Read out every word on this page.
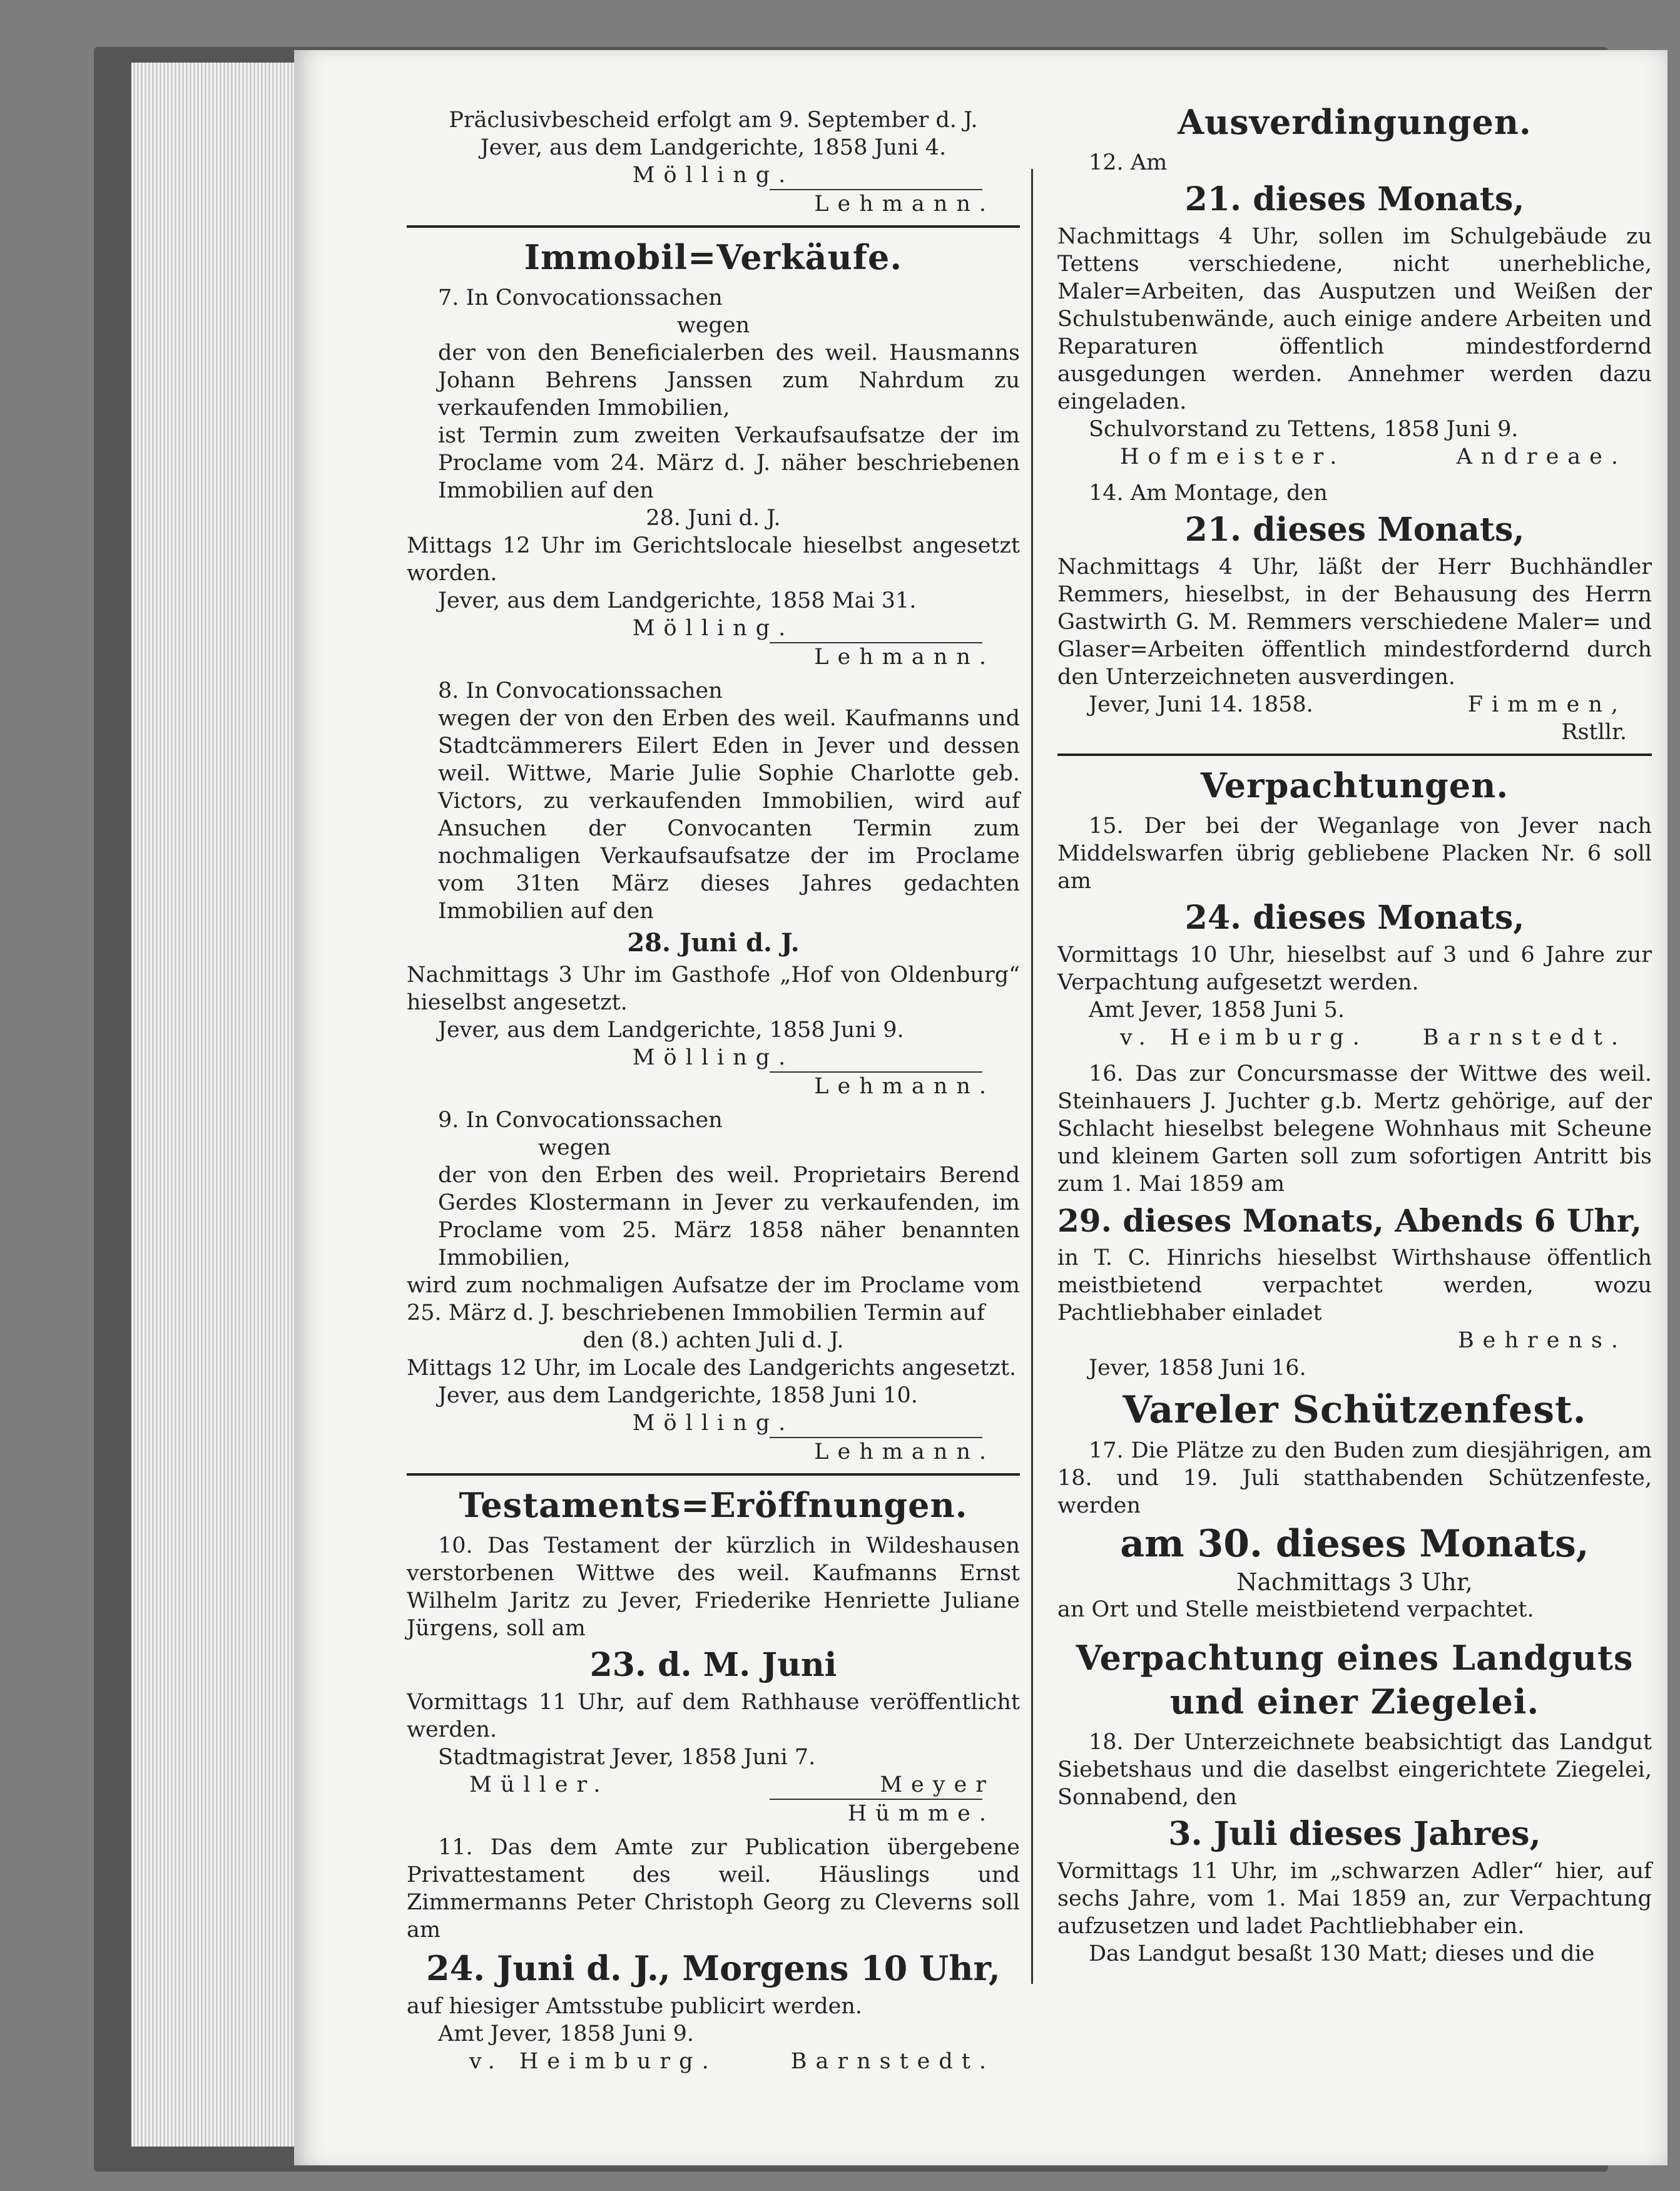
Präclusivbescheid erfolgt am 9. September d. J.
Jever, aus dem Landgerichte, 1858 Juni 4.
Mölling.
Lehmann.
Immobil=Verkäufe.
7. In Convocationssachen
wegen
der von den Beneficialerben des weil. Hausmanns Johann Behrens Janssen zum Nahrdum zu verkaufenden Immobilien,
ist Termin zum zweiten Verkaufsaufsatze der im Proclame vom 24. März d. J. näher beschriebenen Immobilien auf den
28. Juni d. J.
Mittags 12 Uhr im Gerichtslocale hieselbst angesetzt worden.
Jever, aus dem Landgerichte, 1858 Mai 31.
Mölling.
Lehmann.
8. In Convocationssachen
wegen der von den Erben des weil. Kaufmanns und Stadtcämmerers Eilert Eden in Jever und dessen weil. Wittwe, Marie Julie Sophie Charlotte geb. Victors, zu verkaufenden Immobilien, wird auf Ansuchen der Convocanten Termin zum nochmaligen Verkaufsaufsatze der im Proclame vom 31ten März dieses Jahres gedachten Immobilien auf den
28. Juni d. J.
Nachmittags 3 Uhr im Gasthofe „Hof von Oldenburg“ hieselbst angesetzt.
Jever, aus dem Landgerichte, 1858 Juni 9.
Mölling.
Lehmann.
9. In Convocationssachen
wegen
der von den Erben des weil. Proprietairs Berend Gerdes Klostermann in Jever zu verkaufenden, im Proclame vom 25. März 1858 näher benannten Immobilien,
wird zum nochmaligen Aufsatze der im Proclame vom 25. März d. J. beschriebenen Immobilien Termin auf
den (8.) achten Juli d. J.
Mittags 12 Uhr, im Locale des Landgerichts angesetzt.
Jever, aus dem Landgerichte, 1858 Juni 10.
Mölling.
Lehmann.
Testaments=Eröffnungen.
10. Das Testament der kürzlich in Wildeshausen verstorbenen Wittwe des weil. Kaufmanns Ernst Wilhelm Jaritz zu Jever, Friederike Henriette Juliane Jürgens, soll am
23. d. M. Juni
Vormittags 11 Uhr, auf dem Rathhause veröffentlicht werden.
Stadtmagistrat Jever, 1858 Juni 7.
Müller.	Meyer
Hümme.
11. Das dem Amte zur Publication übergebene Privattestament des weil. Häuslings und Zimmermanns Peter Christoph Georg zu Cleverns soll am
24. Juni d. J., Morgens 10 Uhr,
auf hiesiger Amtsstube publicirt werden.
Amt Jever, 1858 Juni 9.
v. Heimburg.	Barnstedt.
Ausverdingungen.
12. Am
21. dieses Monats,
Nachmittags 4 Uhr, sollen im Schulgebäude zu Tettens verschiedene, nicht unerhebliche, Maler=Arbeiten, das Ausputzen und Weißen der Schulstubenwände, auch einige andere Arbeiten und Reparaturen öffentlich mindestfordernd ausgedungen werden. Annehmer werden dazu eingeladen.
Schulvorstand zu Tettens, 1858 Juni 9.
Hofmeister.	Andreae.
14. Am Montage, den
21. dieses Monats,
Nachmittags 4 Uhr, läßt der Herr Buchhändler Remmers, hieselbst, in der Behausung des Herrn Gastwirth G. M. Remmers verschiedene Maler= und Glaser=Arbeiten öffentlich mindestfordernd durch den Unterzeichneten ausverdingen.
Jever, Juni 14. 1858.	Fimmen,
Rstllr.
Verpachtungen.
15. Der bei der Weganlage von Jever nach Middelswarfen übrig gebliebene Placken Nr. 6 soll am
24. dieses Monats,
Vormittags 10 Uhr, hieselbst auf 3 und 6 Jahre zur Verpachtung aufgesetzt werden.
Amt Jever, 1858 Juni 5.
v. Heimburg. Barnstedt.
16. Das zur Concursmasse der Wittwe des weil. Steinhauers J. Juchter g.b. Mertz gehörige, auf der Schlacht hieselbst belegene Wohnhaus mit Scheune und kleinem Garten soll zum sofortigen Antritt bis zum 1. Mai 1859 am
29. dieses Monats, Abends 6 Uhr,
in T. C. Hinrichs hieselbst Wirthshause öffentlich meistbietend verpachtet werden, wozu Pachtliebhaber einladet
Behrens.
Jever, 1858 Juni 16.
Vareler Schützenfest.
17. Die Plätze zu den Buden zum diesjährigen, am 18. und 19. Juli statthabenden Schützenfeste, werden
am 30. dieses Monats,
Nachmittags 3 Uhr,
an Ort und Stelle meistbietend verpachtet.
Verpachtung eines Landguts
und einer Ziegelei.
18. Der Unterzeichnete beabsichtigt das Landgut Siebetshaus und die daselbst eingerichtete Ziegelei, Sonnabend, den
3. Juli dieses Jahres,
Vormittags 11 Uhr, im „schwarzen Adler“ hier, auf sechs Jahre, vom 1. Mai 1859 an, zur Verpachtung aufzusetzen und ladet Pachtliebhaber ein.
Das Landgut besaßt 130 Matt; dieses und die
